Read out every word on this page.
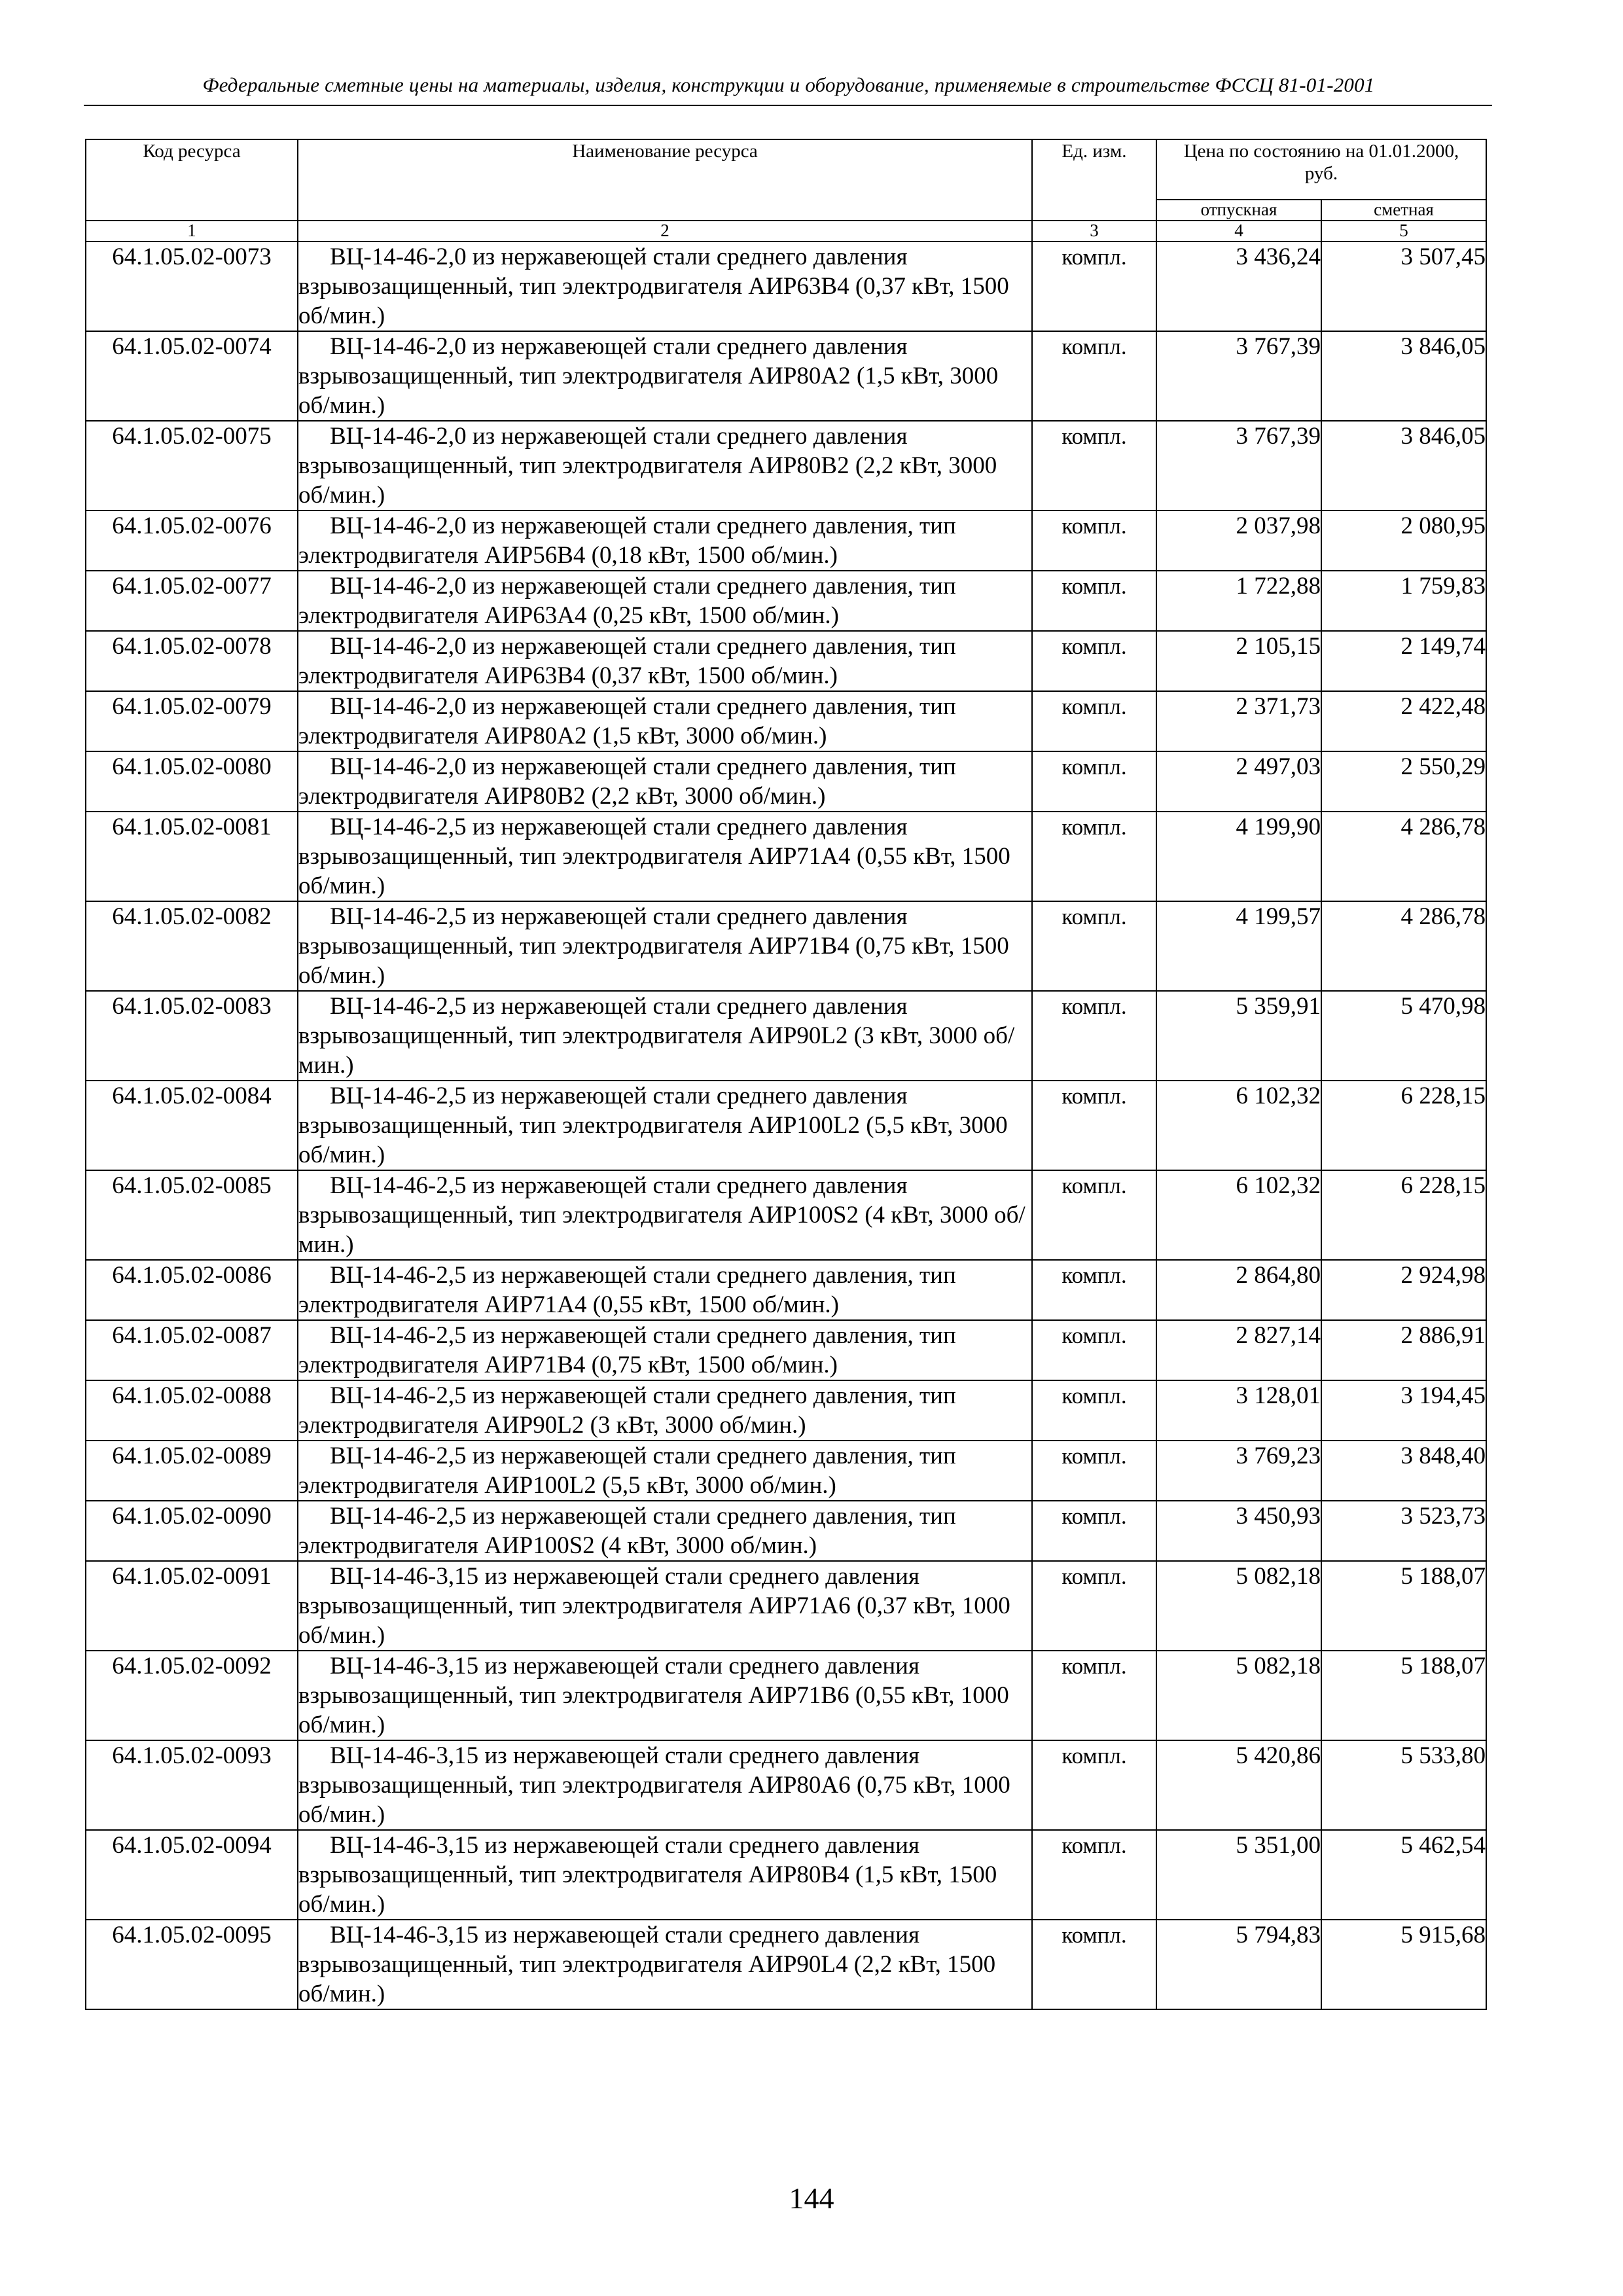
Федеральные сметные цены на материалы, изделия, конструкции и оборудование, применяемые в строительстве ФССЦ 81-01-2001
Код ресурса	Наименование ресурса	Ед. изм.	Цена по состоянию на 01.01.2000, руб.	
			отпускная	сметная
1	2	3	4	5
64.1.05.02-0073	ВЦ-14-46-2,0 из нержавеющей стали среднего давления взрывозащищенный, тип электродвигателя АИР63В4 (0,37 кВт, 1500 об/мин.)	компл.	3 436,24	3 507,45
64.1.05.02-0074	ВЦ-14-46-2,0 из нержавеющей стали среднего давления взрывозащищенный, тип электродвигателя АИР80А2 (1,5 кВт, 3000 об/мин.)	компл.	3 767,39	3 846,05
64.1.05.02-0075	ВЦ-14-46-2,0 из нержавеющей стали среднего давления взрывозащищенный, тип электродвигателя АИР80В2 (2,2 кВт, 3000 об/мин.)	компл.	3 767,39	3 846,05
64.1.05.02-0076	ВЦ-14-46-2,0 из нержавеющей стали среднего давления, тип электродвигателя АИР56В4 (0,18 кВт, 1500 об/мин.)	компл.	2 037,98	2 080,95
64.1.05.02-0077	ВЦ-14-46-2,0 из нержавеющей стали среднего давления, тип электродвигателя АИР63А4 (0,25 кВт, 1500 об/мин.)	компл.	1 722,88	1 759,83
64.1.05.02-0078	ВЦ-14-46-2,0 из нержавеющей стали среднего давления, тип электродвигателя АИР63В4 (0,37 кВт, 1500 об/мин.)	компл.	2 105,15	2 149,74
64.1.05.02-0079	ВЦ-14-46-2,0 из нержавеющей стали среднего давления, тип электродвигателя АИР80А2 (1,5 кВт, 3000 об/мин.)	компл.	2 371,73	2 422,48
64.1.05.02-0080	ВЦ-14-46-2,0 из нержавеющей стали среднего давления, тип электродвигателя АИР80В2 (2,2 кВт, 3000 об/мин.)	компл.	2 497,03	2 550,29
64.1.05.02-0081	ВЦ-14-46-2,5 из нержавеющей стали среднего давления взрывозащищенный, тип электродвигателя АИР71А4 (0,55 кВт, 1500 об/мин.)	компл.	4 199,90	4 286,78
64.1.05.02-0082	ВЦ-14-46-2,5 из нержавеющей стали среднего давления взрывозащищенный, тип электродвигателя АИР71В4 (0,75 кВт, 1500 об/мин.)	компл.	4 199,57	4 286,78
64.1.05.02-0083	ВЦ-14-46-2,5 из нержавеющей стали среднего давления взрывозащищенный, тип электродвигателя АИР90L2 (3 кВт, 3000 об/мин.)	компл.	5 359,91	5 470,98
64.1.05.02-0084	ВЦ-14-46-2,5 из нержавеющей стали среднего давления взрывозащищенный, тип электродвигателя АИР100L2 (5,5 кВт, 3000 об/мин.)	компл.	6 102,32	6 228,15
64.1.05.02-0085	ВЦ-14-46-2,5 из нержавеющей стали среднего давления взрывозащищенный, тип электродвигателя АИР100S2 (4 кВт, 3000 об/мин.)	компл.	6 102,32	6 228,15
64.1.05.02-0086	ВЦ-14-46-2,5 из нержавеющей стали среднего давления, тип электродвигателя АИР71А4 (0,55 кВт, 1500 об/мин.)	компл.	2 864,80	2 924,98
64.1.05.02-0087	ВЦ-14-46-2,5 из нержавеющей стали среднего давления, тип электродвигателя АИР71В4 (0,75 кВт, 1500 об/мин.)	компл.	2 827,14	2 886,91
64.1.05.02-0088	ВЦ-14-46-2,5 из нержавеющей стали среднего давления, тип электродвигателя АИР90L2 (3 кВт, 3000 об/мин.)	компл.	3 128,01	3 194,45
64.1.05.02-0089	ВЦ-14-46-2,5 из нержавеющей стали среднего давления, тип электродвигателя АИР100L2 (5,5 кВт, 3000 об/мин.)	компл.	3 769,23	3 848,40
64.1.05.02-0090	ВЦ-14-46-2,5 из нержавеющей стали среднего давления, тип электродвигателя АИР100S2 (4 кВт, 3000 об/мин.)	компл.	3 450,93	3 523,73
64.1.05.02-0091	ВЦ-14-46-3,15 из нержавеющей стали среднего давления взрывозащищенный, тип электродвигателя АИР71А6 (0,37 кВт, 1000 об/мин.)	компл.	5 082,18	5 188,07
64.1.05.02-0092	ВЦ-14-46-3,15 из нержавеющей стали среднего давления взрывозащищенный, тип электродвигателя АИР71В6 (0,55 кВт, 1000 об/мин.)	компл.	5 082,18	5 188,07
64.1.05.02-0093	ВЦ-14-46-3,15 из нержавеющей стали среднего давления взрывозащищенный, тип электродвигателя АИР80А6 (0,75 кВт, 1000 об/мин.)	компл.	5 420,86	5 533,80
64.1.05.02-0094	ВЦ-14-46-3,15 из нержавеющей стали среднего давления взрывозащищенный, тип электродвигателя АИР80В4 (1,5 кВт, 1500 об/мин.)	компл.	5 351,00	5 462,54
64.1.05.02-0095	ВЦ-14-46-3,15 из нержавеющей стали среднего давления взрывозащищенный, тип электродвигателя АИР90L4 (2,2 кВт, 1500 об/мин.)	компл.	5 794,83	5 915,68
144
